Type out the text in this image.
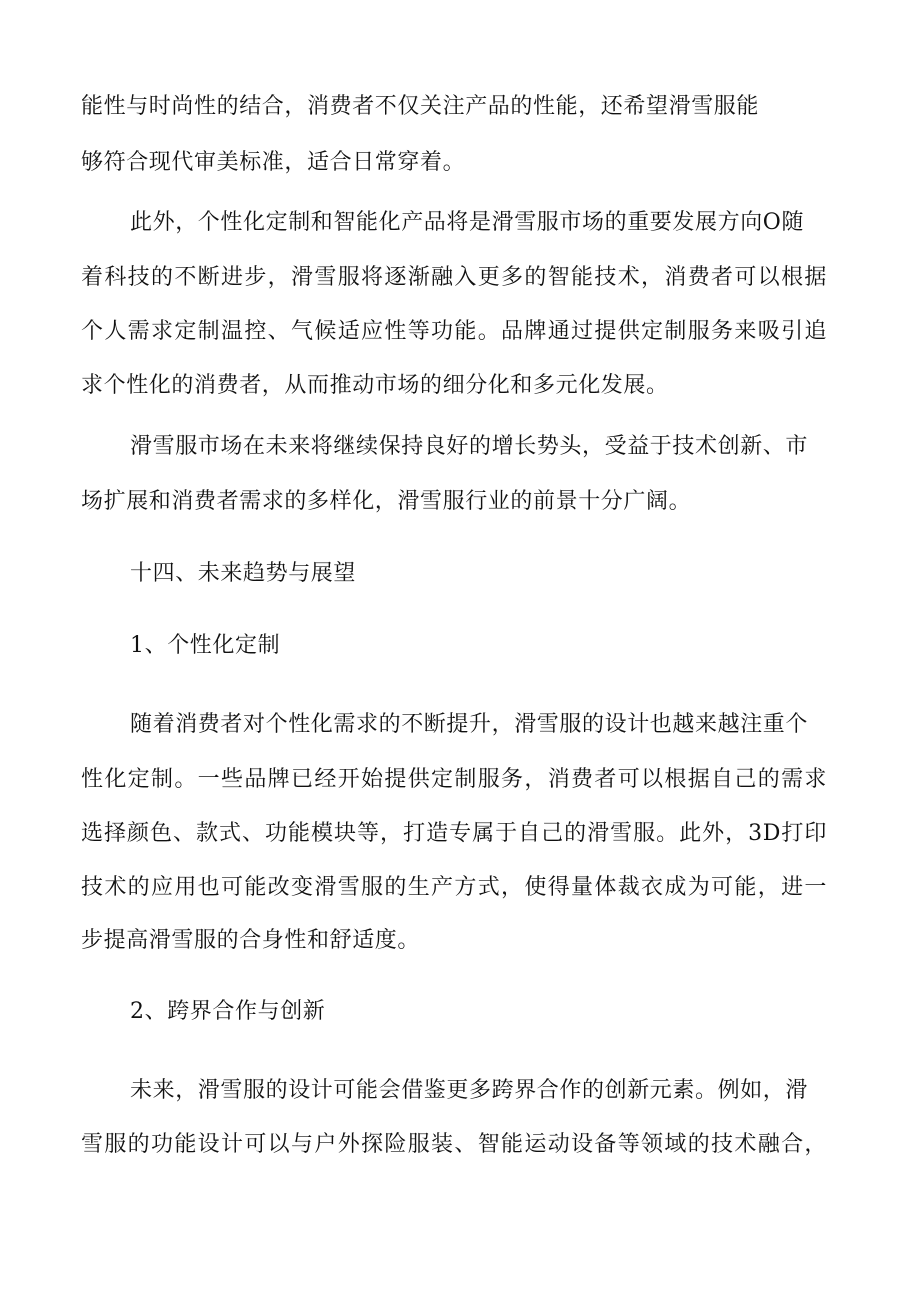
能性与时尚性的结合，消费者不仅关注产品的性能，还希望滑雪服能

够符合现代审美标准，适合日常穿着。

此外，个性化定制和智能化产品将是滑雪服市场的重要发展方向O随

着科技的不断进步，滑雪服将逐渐融入更多的智能技术，消费者可以根据

个人需求定制温控、气候适应性等功能。品牌通过提供定制服务来吸引追

求个性化的消费者，从而推动市场的细分化和多元化发展。

滑雪服市场在未来将继续保持良好的增长势头，受益于技术创新、市

场扩展和消费者需求的多样化，滑雪服行业的前景十分广阔。

十四、未来趋势与展望
1、个性化定制

随着消费者对个性化需求的不断提升，滑雪服的设计也越来越注重个

性化定制。一些品牌已经开始提供定制服务，消费者可以根据自己的需求

选择颜色、款式、功能模块等，打造专属于自己的滑雪服。此外，3D打印

技术的应用也可能改变滑雪服的生产方式，使得量体裁衣成为可能，进一

步提高滑雪服的合身性和舒适度。

2、跨界合作与创新

未来，滑雪服的设计可能会借鉴更多跨界合作的创新元素。例如，滑

雪服的功能设计可以与户外探险服装、智能运动设备等领域的技术融合，
